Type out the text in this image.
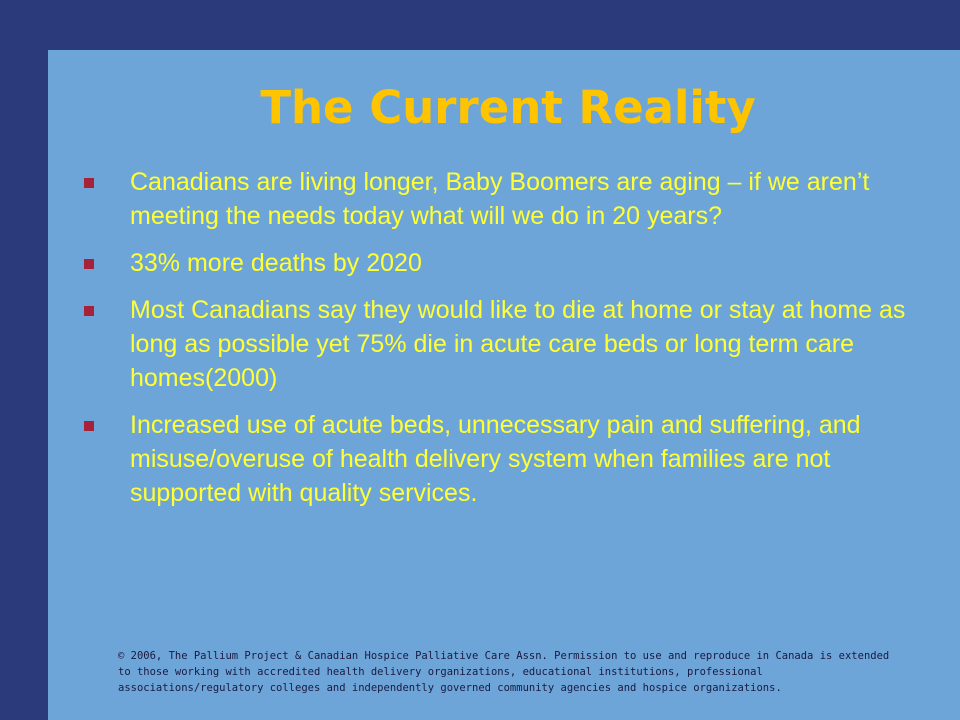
The Current Reality
Canadians are living longer, Baby Boomers are aging – if we aren’t meeting the needs today what will we do in 20 years?
33% more deaths by 2020
Most Canadians say they would like to die at home or stay at home as long as possible yet 75% die in acute care beds or long term care homes(2000)
Increased use of acute beds, unnecessary pain and suffering, and misuse/overuse of health delivery system when families are not supported with quality services.

© 2006, The Pallium Project & Canadian Hospice Palliative Care Assn. Permission to use and reproduce in Canada is extended to those working with accredited health delivery organizations, educational institutions, professional associations/regulatory colleges and independently governed community agencies and hospice organizations.
